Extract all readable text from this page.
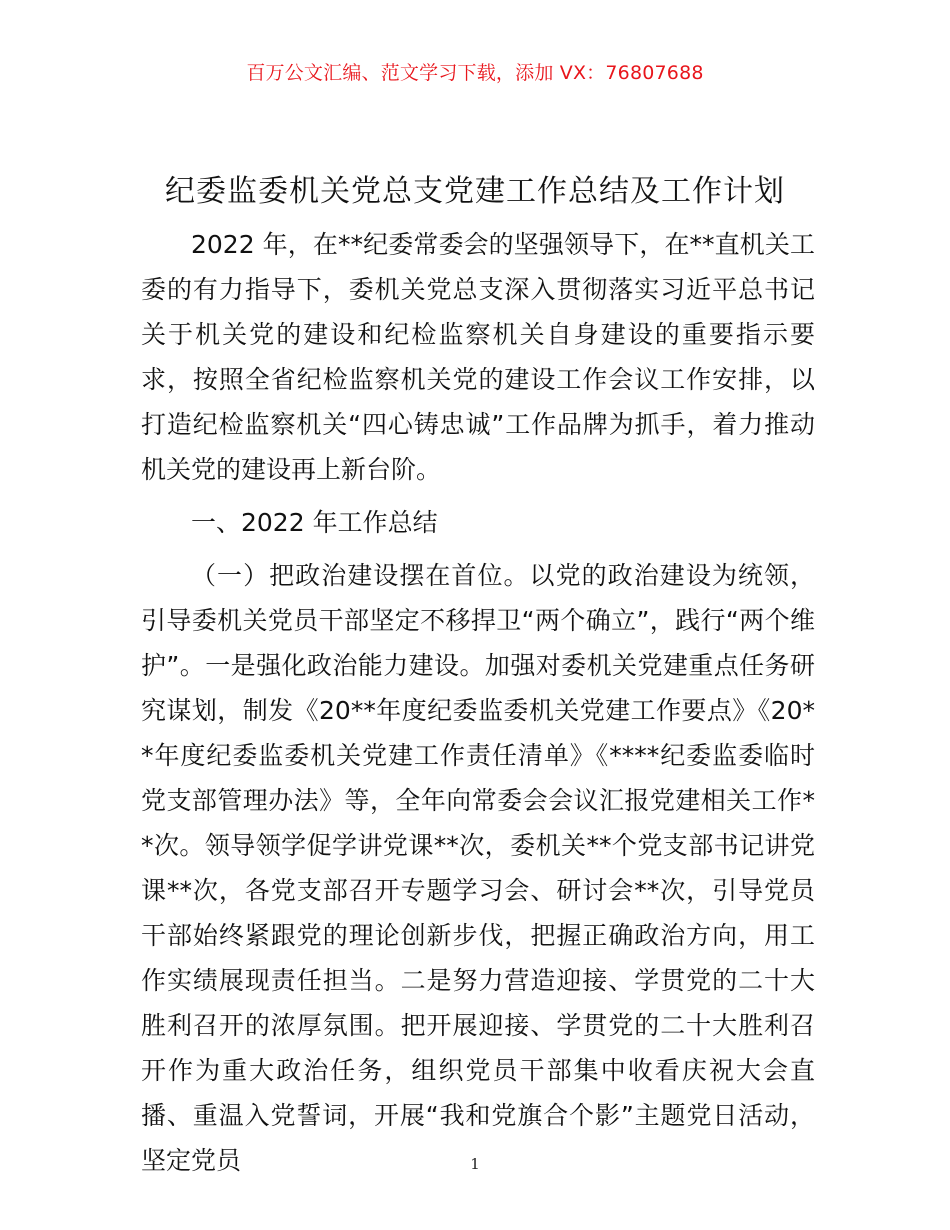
百万公文汇编、范文学习下载，添加 VX：76807688
纪委监委机关党总支党建工作总结及工作计划

2022 年，在**纪委常委会的坚强领导下，在**直机关工委的有力指导下，委机关党总支深入贯彻落实习近平总书记关于机关党的建设和纪检监察机关自身建设的重要指示要求，按照全省纪检监察机关党的建设工作会议工作安排，以打造纪检监察机关“四心铸忠诚”工作品牌为抓手，着力推动机关党的建设再上新台阶。

一、2022 年工作总结

（一）把政治建设摆在首位。以党的政治建设为统领，引导委机关党员干部坚定不移捍卫“两个确立”，践行“两个维护”。一是强化政治能力建设。加强对委机关党建重点任务研究谋划，制发《20**年度纪委监委机关党建工作要点》《20**年度纪委监委机关党建工作责任清单》《****纪委监委临时党支部管理办法》等，全年向常委会会议汇报党建相关工作**次。领导领学促学讲党课**次，委机关**个党支部书记讲党课**次，各党支部召开专题学习会、研讨会**次，引导党员干部始终紧跟党的理论创新步伐，把握正确政治方向，用工作实绩展现责任担当。二是努力营造迎接、学贯党的二十大胜利召开的浓厚氛围。把开展迎接、学贯党的二十大胜利召开作为重大政治任务，组织党员干部集中收看庆祝大会直播、重温入党誓词，开展“我和党旗合个影”主题党日活动，坚定党员	1
